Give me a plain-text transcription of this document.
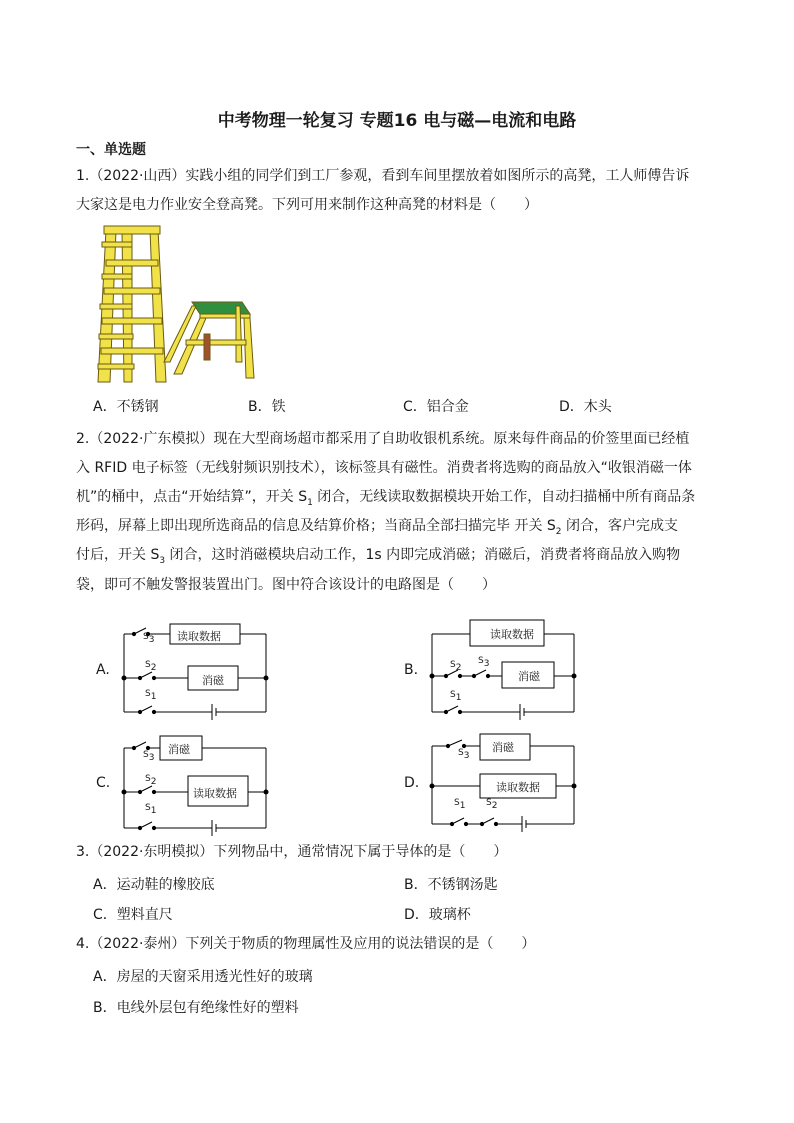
中考物理一轮复习 专题16 电与磁—电流和电路
一、单选题
1.（2022·山西）实践小组的同学们到工厂参观，看到车间里摆放着如图所示的高凳，工人师傅告诉
大家这是电力作业安全登高凳。下列可用来制作这种高凳的材料是（　　）
A．不锈钢	B．铁	C．铝合金	D．木头
2.（2022·广东模拟）现在大型商场超市都采用了自助收银机系统。原来每件商品的价签里面已经植
入 RFID 电子标签（无线射频识别技术），该标签具有磁性。消费者将选购的商品放入“收银消磁一体
机”的桶中，点击“开始结算”，开关 $S_1$ 闭合，无线读取数据模块开始工作，自动扫描桶中所有商品条
形码，屏幕上即出现所选商品的信息及结算价格；当商品全部扫描完毕 开关 $S_2$ 闭合，客户完成支
付后，开关 $S_3$ 闭合，这时消磁模块启动工作，1s 内即完成消磁；消磁后，消费者将商品放入购物
袋，即可不触发警报装置出门。图中符合该设计的电路图是（　　）
A.
$S_3$ 读取数据
$S_2$
消磁
$S_1$
B.
读取数据
$S_2$
$S_3$
消磁
$S_1$
C.
$S_3$
消磁
$S_2$
读取数据
$S_1$
D.
$S_3$
消磁
读取数据
$S_1$ $S_2$
3.（2022·东明模拟）下列物品中，通常情况下属于导体的是（　　）
A．运动鞋的橡胶底	B．不锈钢汤匙
C．塑料直尺	D．玻璃杯
4.（2022·泰州）下列关于物质的物理属性及应用的说法错误的是（　　）
A．房屋的天窗采用透光性好的玻璃
B．电线外层包有绝缘性好的塑料
